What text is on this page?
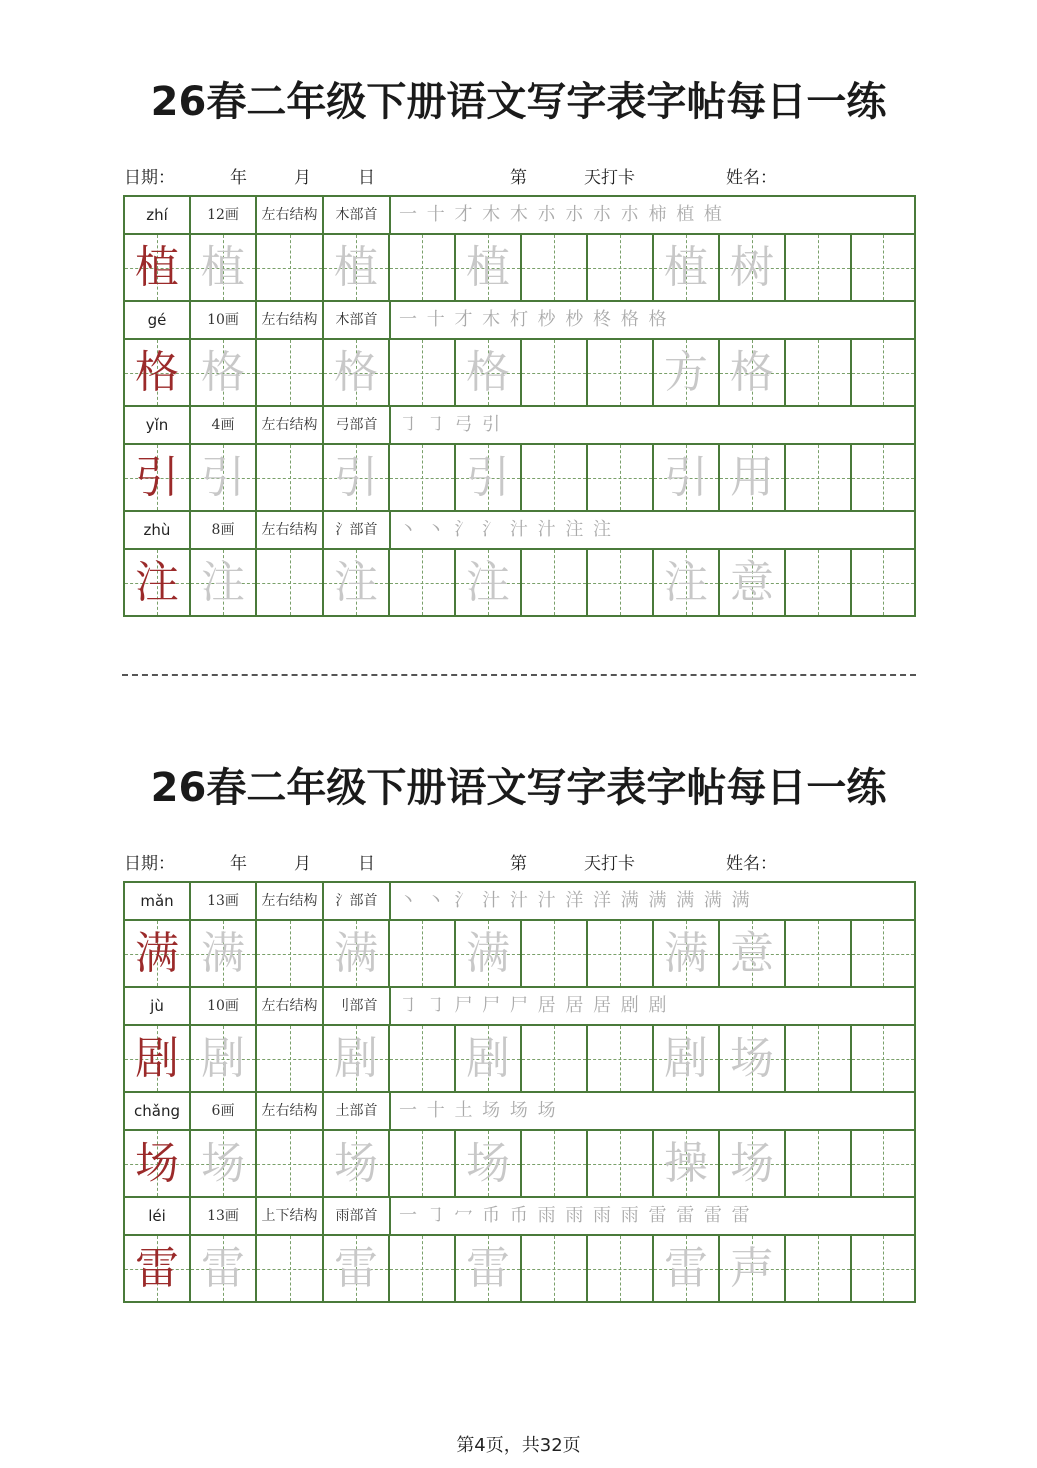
26春二年级下册语文写字表字帖每日一练
日期：	年	月	日	第	天打卡	姓名：
zhí	12画	左右结构	木部首	一 十 才 木 木 朩 朩 朩 朩 柿 植 植
植 植 植 植	植 树
gé	10画	左右结构	木部首	一 十 才 木 朾 杪 杪 柊 格 格
格 格 格 格	方 格
yǐn	4画	左右结构	弓部首	㇆ ㇆ 弓 引
引 引 引 引	引 用
zhù	8画	左右结构	氵部首	丶 丶 氵 氵 汁 汁 注 注
注 注 注 注	注 意
26春二年级下册语文写字表字帖每日一练
日期：	年	月	日	第	天打卡	姓名：
mǎn	13画	左右结构	氵部首	丶 丶 氵 汁 汁 汁 洋 洋 满 满 满 满 满
满 满 满 满	满 意
jù	10画	左右结构	刂部首	㇆ ㇆ 尸 尸 尸 居 居 居 剧 剧
剧 剧 剧 剧	剧 场
chǎng	6画	左右结构	土部首	一 十 土 场 场 场
场 场 场 场	操 场
léi	13画	上下结构	雨部首	一 ㇆ 冖 币 币 雨 雨 雨 雨 雷 雷 雷 雷
雷 雷 雷 雷	雷 声
第4页，共32页
